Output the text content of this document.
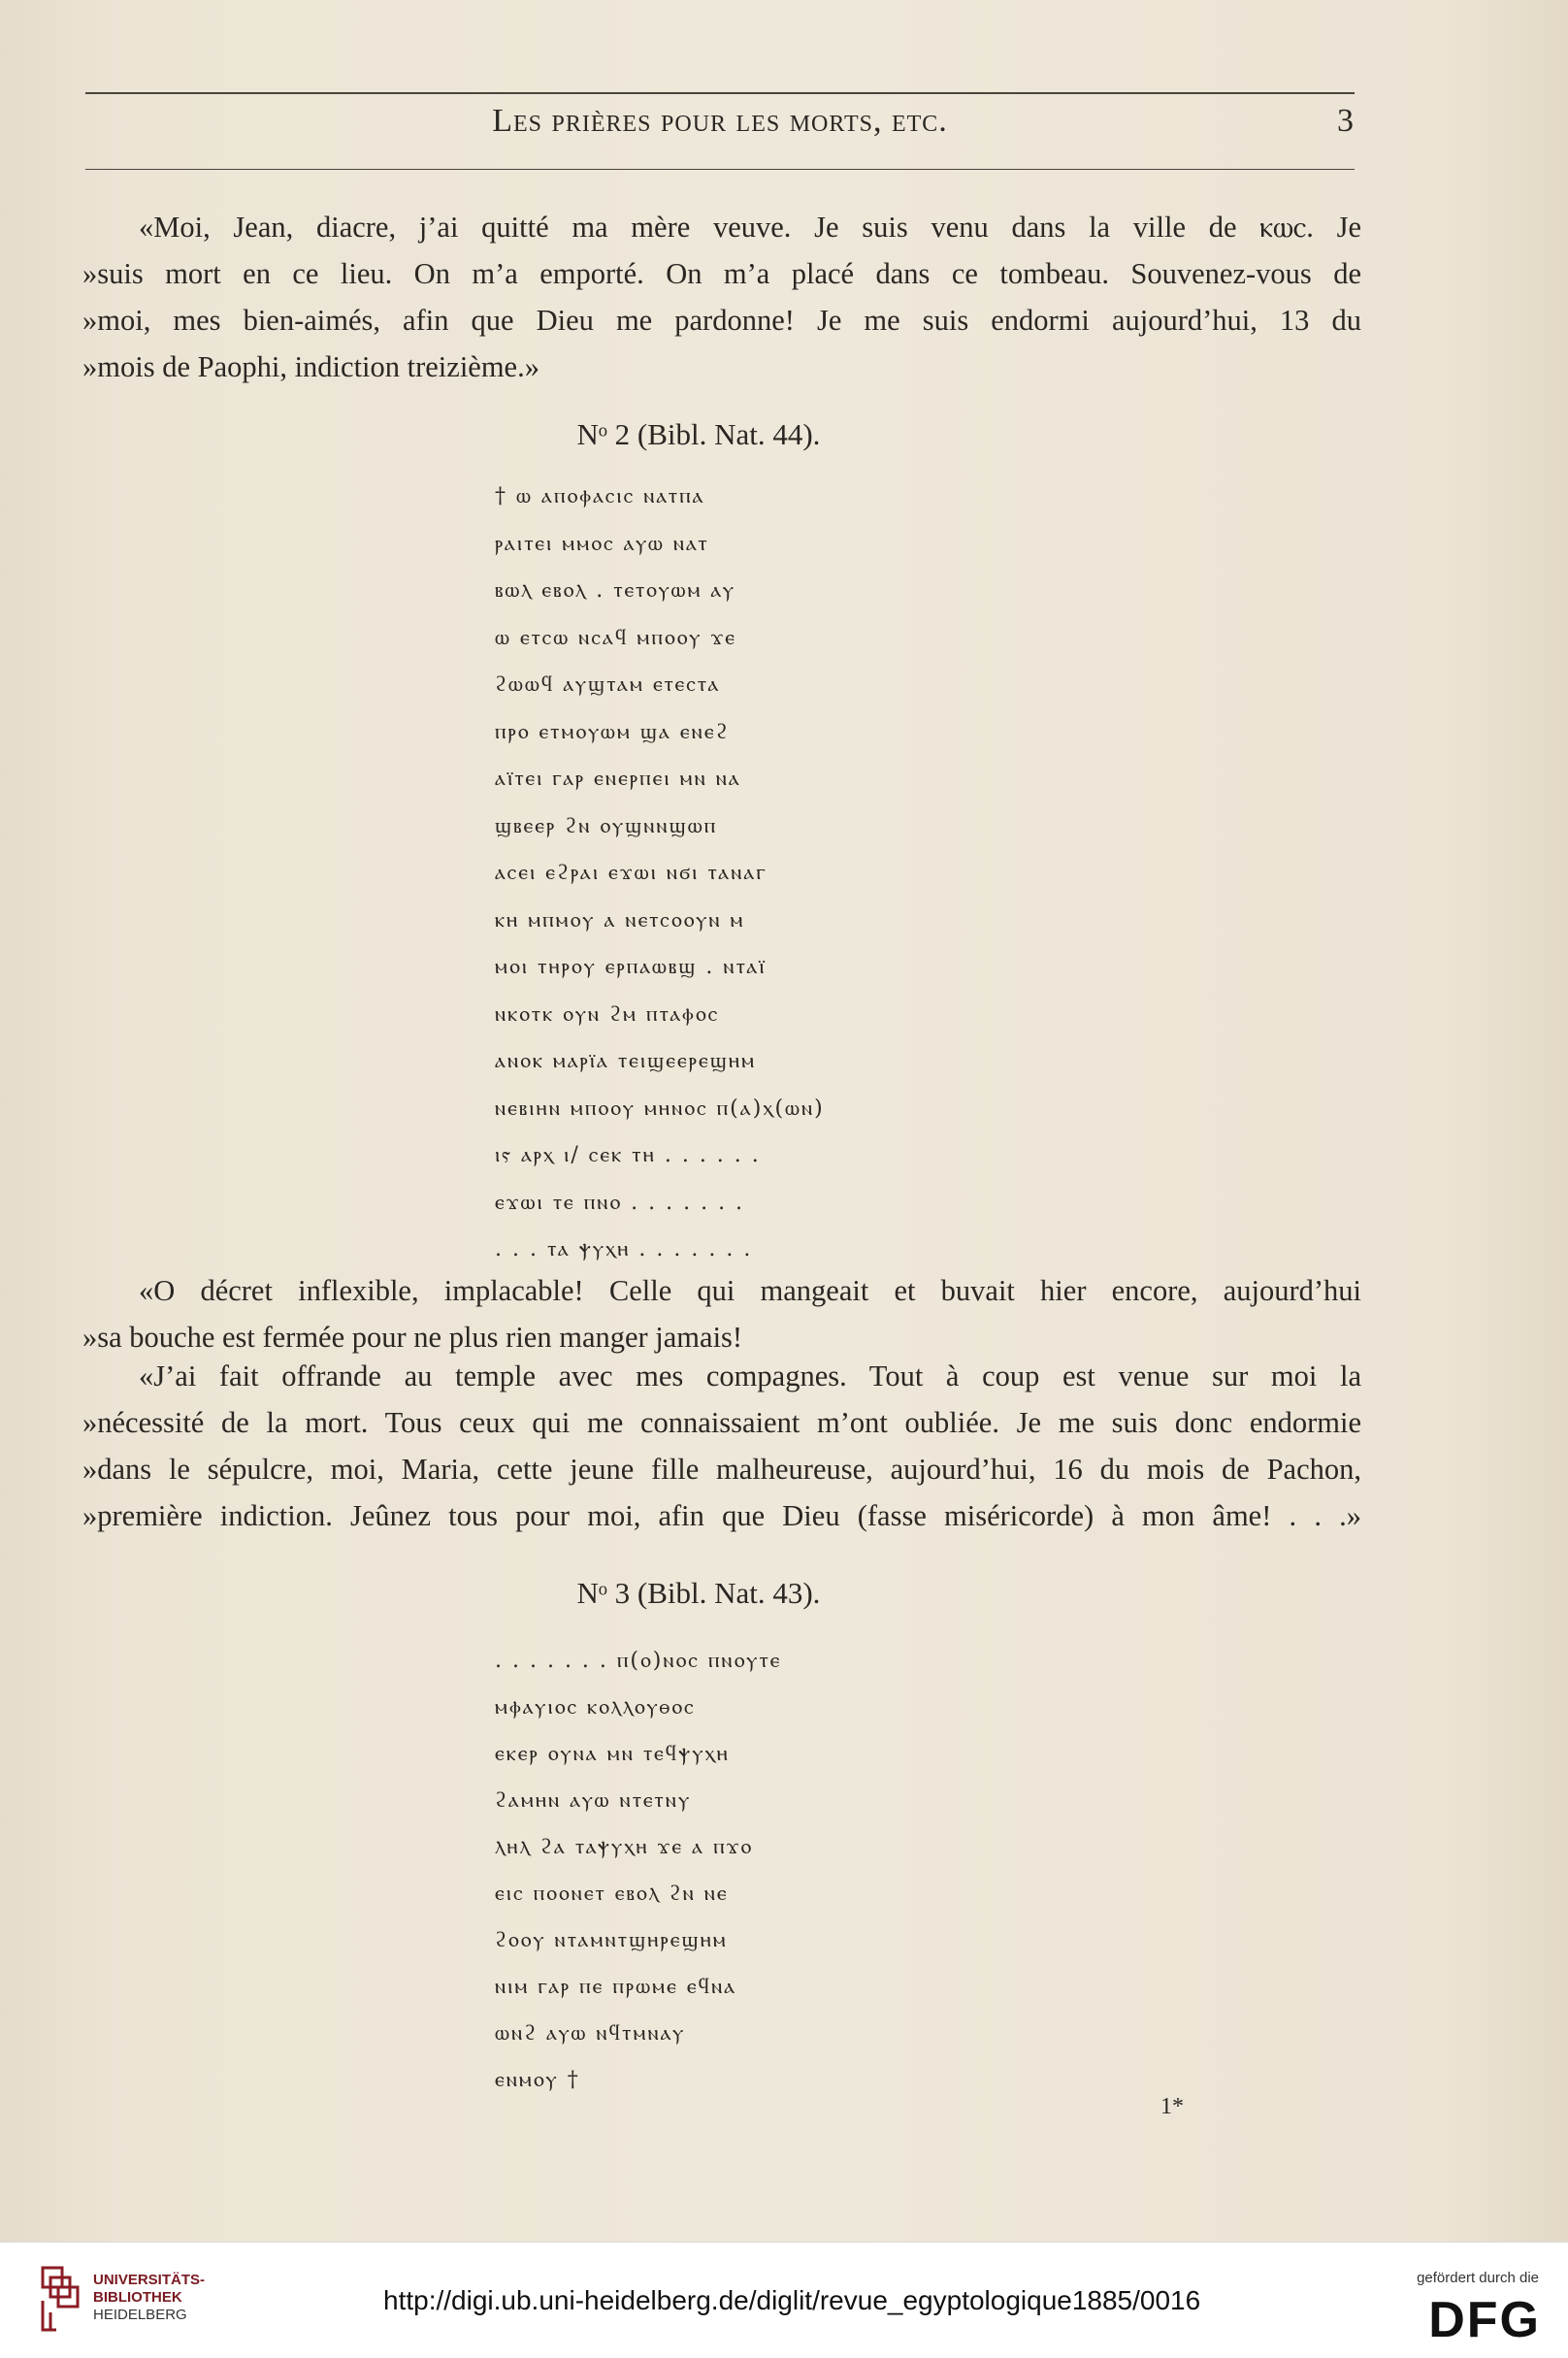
Les prières pour les morts, etc.	3

«Moi, Jean, diacre, j’ai quitté ma mère veuve. Je suis venu dans la ville de ⲕⲱⲥ. Je
»suis mort en ce lieu. On m’a emporté. On m’a placé dans ce tombeau. Souvenez-vous de
»moi, mes bien-aimés, afin que Dieu me pardonne! Je me suis endormi aujourd’hui, 13 du
»mois de Paophi, indiction treizième.»

Nᵒ 2 (Bibl. Nat. 44).
† ⲱ ⲁⲡⲟⲫⲁⲥⲓⲥ ⲛⲁⲧⲡⲁ
ⲣⲁⲓⲧⲉⲓ ⲙⲙⲟⲥ ⲁⲩⲱ ⲛⲁⲧ
ⲃⲱⲗ ⲉⲃⲟⲗ . ⲧⲉⲧⲟⲩⲱⲙ ⲁⲩ
ⲱ ⲉⲧⲥⲱ ⲛⲥⲁϥ ⲙⲡⲟⲟⲩ ϫⲉ
ϩⲱⲱϥ ⲁⲩϣⲧⲁⲙ ⲉⲧⲉⲥⲧⲁ
ⲡⲣⲟ ⲉⲧⲙⲟⲩⲱⲙ ϣⲁ ⲉⲛⲉϩ
ⲁⲓ̈ⲧⲉⲓ ⲅⲁⲣ ⲉⲛⲉⲣⲡⲉⲓ ⲙⲛ ⲛⲁ
ϣⲃⲉⲉⲣ ϩⲛ ⲟⲩϣⲛⲛϣⲱⲡ
ⲁⲥⲉⲓ ⲉϩⲣⲁⲓ ⲉϫⲱⲓ ⲛϭⲓ ⲧⲁⲛⲁⲅ
ⲕⲏ ⲙⲡⲙⲟⲩ ⲁ ⲛⲉⲧⲥⲟⲟⲩⲛ ⲙ
ⲙⲟⲓ ⲧⲏⲣⲟⲩ ⲉⲣⲡⲁⲱⲃϣ . ⲛⲧⲁⲓ̈
ⲛⲕⲟⲧⲕ ⲟⲩⲛ ϩⲙ ⲡⲧⲁⲫⲟⲥ
ⲁⲛⲟⲕ ⲙⲁⲣⲓ̈ⲁ ⲧⲉⲓϣⲉⲉⲣⲉϣⲏⲙ
ⲛⲉⲃⲓⲏⲛ ⲙⲡⲟⲟⲩ ⲙⲏⲛⲟⲥ ⲡ(ⲁ)ⲭ(ⲱⲛ)
ⲓⲋ ⲁⲣⲭ ⲓ/ ⲥⲉⲕ ⲧⲏ . . . . . .
ⲉϫⲱⲓ ⲧⲉ ⲡⲛⲟ . . . . . . .
. . . ⲧⲁ ⲯⲩⲭⲏ . . . . . . .

«O décret inflexible, implacable! Celle qui mangeait et buvait hier encore, aujourd’hui
»sa bouche est fermée pour ne plus rien manger jamais!

«J’ai fait offrande au temple avec mes compagnes. Tout à coup est venue sur moi la
»nécessité de la mort. Tous ceux qui me connaissaient m’ont oubliée. Je me suis donc endormie
»dans le sépulcre, moi, Maria, cette jeune fille malheureuse, aujourd’hui, 16 du mois de Pachon,
»première indiction. Jeûnez tous pour moi, afin que Dieu (fasse miséricorde) à mon âme! . . .»

Nᵒ 3 (Bibl. Nat. 43).
. . . . . . . ⲡ(ⲟ)ⲛⲟⲥ ⲡⲛⲟⲩⲧⲉ
ⲙⲫⲁⲩⲓⲟⲥ ⲕⲟⲗⲗⲟⲩⲑⲟⲥ
ⲉⲕⲉⲣ ⲟⲩⲛⲁ ⲙⲛ ⲧⲉϥⲯⲩⲭⲏ
ϩⲁⲙⲏⲛ ⲁⲩⲱ ⲛⲧⲉⲧⲛⲩ
ⲗⲏⲗ ϩⲁ ⲧⲁⲯⲩⲭⲏ ϫⲉ ⲁ ⲡϫⲟ
ⲉⲓⲥ ⲡⲟⲟⲛⲉⲧ ⲉⲃⲟⲗ ϩⲛ ⲛⲉ
ϩⲟⲟⲩ ⲛⲧⲁⲙⲛⲧϣⲏⲣⲉϣⲏⲙ
ⲛⲓⲙ ⲅⲁⲣ ⲡⲉ ⲡⲣⲱⲙⲉ ⲉϥⲛⲁ
ⲱⲛϩ ⲁⲩⲱ ⲛϥⲧⲙⲛⲁⲩ
ⲉⲛⲙⲟⲩ †
1*
UNIVERSITÄTS-
BIBLIOTHEK
HEIDELBERG	http://digi.ub.uni-heidelberg.de/diglit/revue_egyptologique1885/0016
gefördert durch die
DFG
